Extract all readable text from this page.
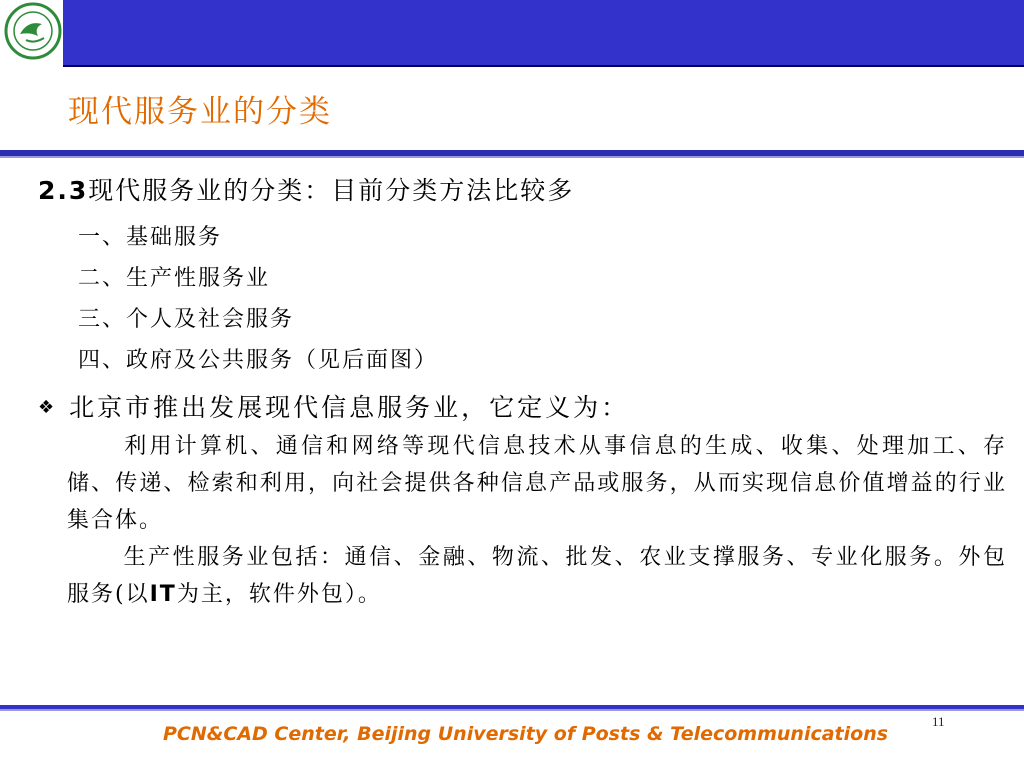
现代服务业的分类
2.3现代服务业的分类：目前分类方法比较多
一、基础服务
二、生产性服务业
三、个人及社会服务
四、政府及公共服务（见后面图）
❖ 北京市推出发展现代信息服务业，它定义为：

利用计算机、通信和网络等现代信息技术从事信息的生成、收集、处理加工、存储、传递、检索和利用，向社会提供各种信息产品或服务，从而实现信息价值增益的行业集合体。

生产性服务业包括：通信、金融、物流、批发、农业支撑服务、专业化服务。外包服务(以IT为主，软件外包）。

11
PCN&CAD Center, Beijing University of Posts & Telecommunications
